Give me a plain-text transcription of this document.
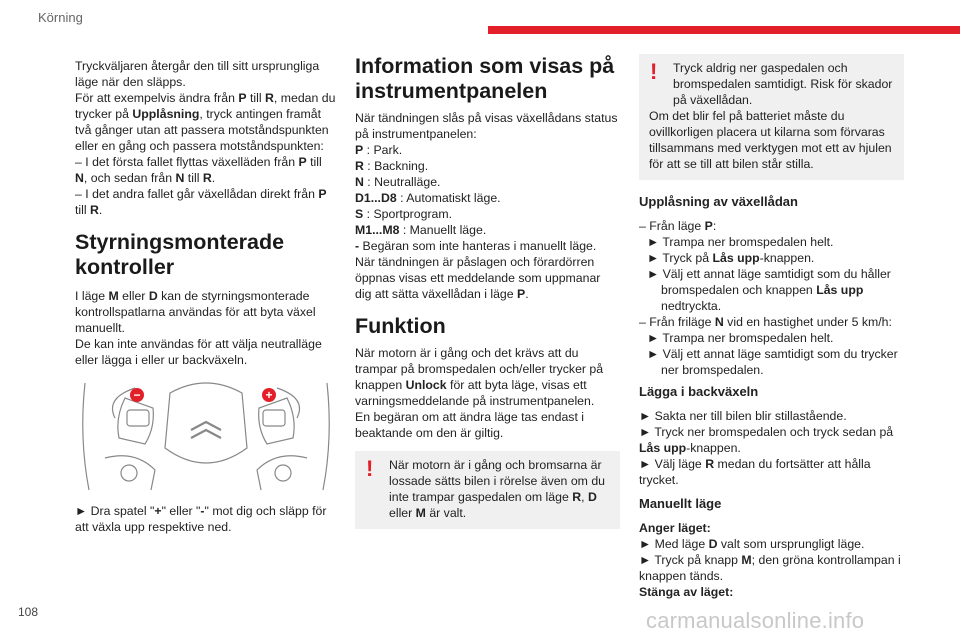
Körning

Tryckväljaren återgår den till sitt ursprungliga läge när den släpps.
För att exempelvis ändra från P till R, medan du trycker på Upplåsning, tryck antingen framåt två gånger utan att passera motståndspunkten eller en gång och passera motståndspunkten:

– I det första fallet flyttas växelläden från P till N, och sedan från N till R.

– I det andra fallet går växellådan direkt från P till R.

Styrningsmonterade kontroller

I läge M eller D kan de styrningsmonterade kontrollspatlarna användas för att byta växel manuellt.

De kan inte användas för att välja neutralläge eller lägga i eller ur backväxeln.

−	+

► Dra spatel "+" eller "-" mot dig och släpp för att växla upp respektive ned.

Information som visas på instrumentpanelen

När tändningen slås på visas växellådans status på instrumentpanelen:

P : Park.

R : Backning.

N : Neutralläge.

D1...D8 : Automatiskt läge.

S : Sportprogram.

M1...M8 : Manuellt läge.

- Begäran som inte hanteras i manuellt läge.

När tändningen är påslagen och förardörren öppnas visas ett meddelande som uppmanar dig att sätta växellådan i läge P.

Funktion

När motorn är i gång och det krävs att du trampar på bromspedalen och/eller trycker på knappen Unlock för att byta läge, visas ett varningsmeddelande på instrumentpanelen.

En begäran om att ändra läge tas endast i beaktande om den är giltig.

!	När motorn är i gång och bromsarna är lossade sätts bilen i rörelse även om du inte trampar gaspedalen om läge R, D eller M är valt.

!	Tryck aldrig ner gaspedalen och bromspedalen samtidigt. Risk för skador på växellådan.

Om det blir fel på batteriet måste du ovillkorligen placera ut kilarna som förvaras tillsammans med verktygen mot ett av hjulen för att se till att bilen står stilla.

Upplåsning av växellådan

– Från läge P:

► Trampa ner bromspedalen helt.

► Tryck på Lås upp-knappen.

► Välj ett annat läge samtidigt som du håller bromspedalen och knappen Lås upp nedtryckta.

– Från friläge N vid en hastighet under 5 km/h:

► Trampa ner bromspedalen helt.

► Välj ett annat läge samtidigt som du trycker ner bromspedalen.

Lägga i backväxeln

► Sakta ner till bilen blir stillastående.

► Tryck ner bromspedalen och tryck sedan på Lås upp-knappen.

► Välj läge R medan du fortsätter att hålla trycket.

Manuellt läge

Anger läget:

► Med läge D valt som ursprungligt läge.

► Tryck på knapp M; den gröna kontrollampan i knappen tänds.

Stänga av läget:

108	carmanualsonline.info
